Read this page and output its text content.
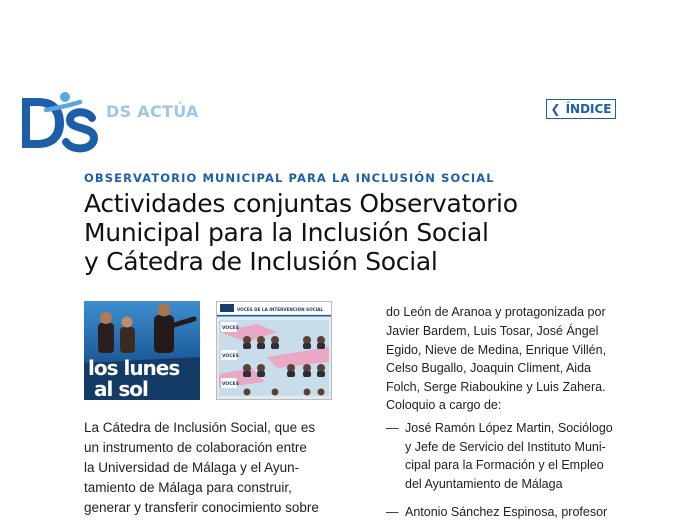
DS ACTÚA	❮ ÍNDICE
OBSERVATORIO MUNICIPAL PARA LA INCLUSIÓN SOCIAL
Actividades conjuntas Observatorio
Municipal para la Inclusión Social
y Cátedra de Inclusión Social
los lunes
al sol
VOCES DE LA INTERVENCIÓN SOCIAL
VOCES
VOCES
VOCES
La Cátedra de Inclusión Social, que es
un instrumento de colaboración entre
la Universidad de Málaga y el Ayun-
tamiento de Málaga para construir,
generar y transferir conocimiento sobre
do León de Aranoa y protagonizada por
Javier Bardem, Luis Tosar, José Ángel
Egido, Nieve de Medina, Enrique Villén,
Celso Bugallo, Joaquin Climent, Aida
Folch, Serge Riaboukine y Luis Zahera.
Coloquio a cargo de:
— José Ramón López Martin, Sociólogo
y Jefe de Servicio del Instituto Muni-
cipal para la Formación y el Empleo
del Ayuntamiento de Málaga
— Antonio Sánchez Espinosa, profesor
